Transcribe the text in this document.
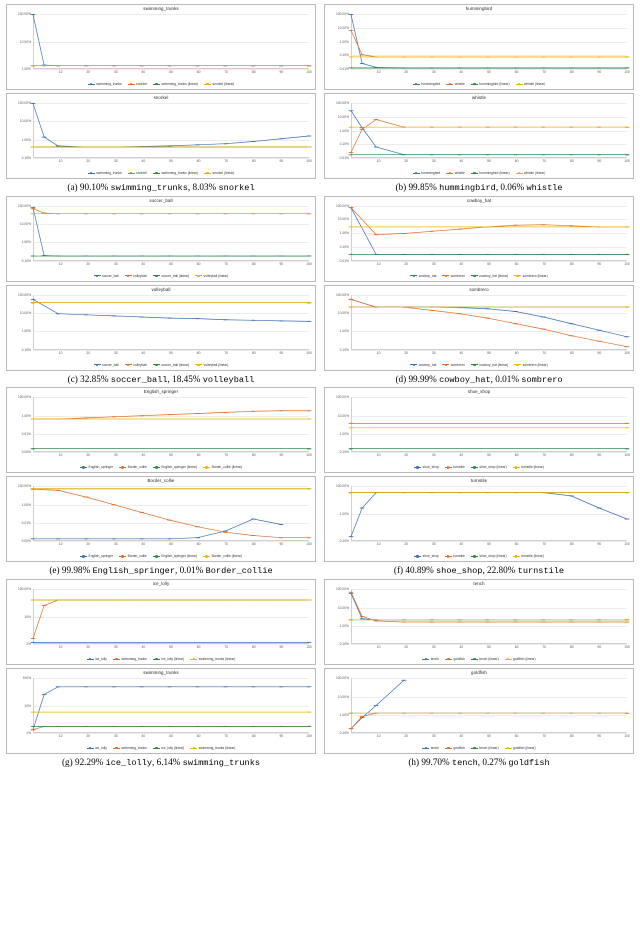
swimming_trunks
100.00%
10.00%
1.00%
10	20	30	40	50	60	70	80	90	100
swimming_trunks	snorkel	swimming_trunks (linear)	snorkel (linear)
snorkel
100.00%
10.00%
1.00%
0.10%
10	20	30	40	50	60	70	80	90	100
swimming_trunks	snorkel	swimming_trunks (linear)	snorkel (linear)
(a) 90.10% swimming_trunks, 8.03% snorkel
hummingbird
100.00%
10.00%
1.00%
0.10%
0.01%
10	20	30	40	50	60	70	80	90	100
hummingbird	whistle	hummingbird (linear)	whistle (linear)
whistle
100.00%
10.00%
1.00%
0.10%
0.01%
10	20	30	40	50	60	70	80	90	100
hummingbird	whistle	hummingbird (linear)	whistle (linear)
(b) 99.85% hummingbird, 0.06% whistle
soccer_ball
100.00%
10.00%
1.00%
0.10%
10	20	30	40	50	60	70	80	90	100
soccer_ball	volleyball	soccer_ball (linear)	volleyball (linear)
volleyball
100.00%
10.00%
1.00%
0.10%
10	20	30	40	50	60	70	80	90	100
soccer_ball	volleyball	soccer_ball (linear)	volleyball (linear)
(c) 32.85% soccer_ball, 18.45% volleyball
cowboy_hat
100.00%
10.00%
1.00%
0.10%
0.01%
10	20	30	40	50	60	70	80	90	100
cowboy_hat	sombrero	cowboy_hat (linear)	sombrero (linear)
sombrero
100.00%
10.00%
1.00%
0.10%
10	20	30	40	50	60	70	80	90	100
cowboy_hat	sombrero	cowboy_hat (linear)	sombrero (linear)
(d) 99.99% cowboy_hat, 0.01% sombrero
English_springer
100.00%
1.00%
0.01%
0.00%
10	20	30	40	50	60	70	80	90	100
English_springer	Border_collie	English_springer (linear)	Border_collie (linear)
Border_collie
100.00%
1.00%
0.01%
0.00%
10	20	30	40	50	60	70	80	90	100
English_springer	Border_collie	English_springer (linear)	Border_collie (linear)
(e) 99.98% English_springer, 0.01% Border_collie
shoe_shop
100.00%
10.00%
1.00%
0.10%
10	20	30	40	50	60	70	80	90	100
shoe_shop	turnstile	shoe_shop (linear)	turnstile (linear)
turnstile
100.00%
1.00%
0.10%
10	20	30	40	50	60	70	80	90	100
shoe_shop	turnstile	shoe_shop (linear)	turnstile (linear)
(f) 40.89% shoe_shop, 22.80% turnstile
ice_lolly
100.00%
10%
1%
10	20	30	40	50	60	70	80	90	100
ice_lolly	swimming_trunks	ice_lolly (linear)	swimming_trunks (linear)
swimming_trunks
100%
10%
1%
10	20	30	40	50	60	70	80	90	100
ice_lolly	swimming_trunks	ice_lolly (linear)	swimming_trunks (linear)
(g) 92.29% ice_lolly, 6.14% swimming_trunks
tench
100.00%
10.00%
1.00%
0.10%
10	20	30	40	50	60	70	80	90	100
tench	goldfish	tench (linear)	goldfish (linear)
goldfish
100.00%
10.00%
1.00%
0.10%
10	20	30	40	50	60	70	80	90	100
tench	goldfish	tench (linear)	goldfish (linear)
(h) 99.70% tench, 0.27% goldfish
